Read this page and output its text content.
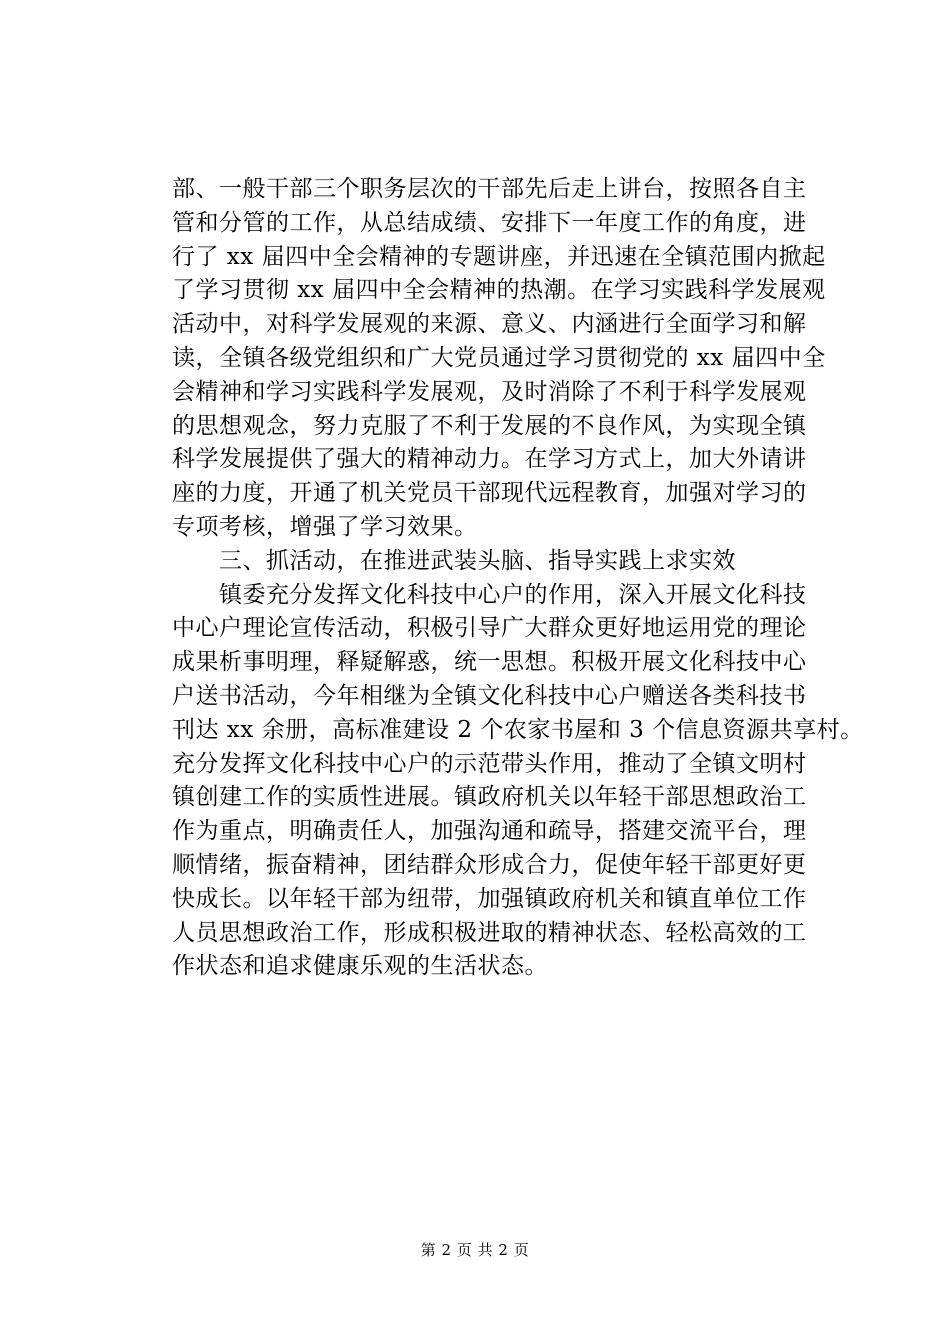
部、一般干部三个职务层次的干部先后走上讲台，按照各自主
管和分管的工作，从总结成绩、安排下一年度工作的角度，进
行了 xx 届四中全会精神的专题讲座，并迅速在全镇范围内掀起
了学习贯彻 xx 届四中全会精神的热潮。在学习实践科学发展观
活动中，对科学发展观的来源、意义、内涵进行全面学习和解
读，全镇各级党组织和广大党员通过学习贯彻党的 xx 届四中全
会精神和学习实践科学发展观，及时消除了不利于科学发展观
的思想观念，努力克服了不利于发展的不良作风，为实现全镇
科学发展提供了强大的精神动力。在学习方式上，加大外请讲
座的力度，开通了机关党员干部现代远程教育，加强对学习的
专项考核，增强了学习效果。
　　三、抓活动，在推进武装头脑、指导实践上求实效
　　镇委充分发挥文化科技中心户的作用，深入开展文化科技
中心户理论宣传活动，积极引导广大群众更好地运用党的理论
成果析事明理，释疑解惑，统一思想。积极开展文化科技中心
户送书活动，今年相继为全镇文化科技中心户赠送各类科技书
刊达 xx 余册，高标准建设 2 个农家书屋和 3 个信息资源共享村。
充分发挥文化科技中心户的示范带头作用，推动了全镇文明村
镇创建工作的实质性进展。镇政府机关以年轻干部思想政治工
作为重点，明确责任人，加强沟通和疏导，搭建交流平台，理
顺情绪，振奋精神，团结群众形成合力，促使年轻干部更好更
快成长。以年轻干部为纽带，加强镇政府机关和镇直单位工作
人员思想政治工作，形成积极进取的精神状态、轻松高效的工
作状态和追求健康乐观的生活状态。
第 2 页 共 2 页
